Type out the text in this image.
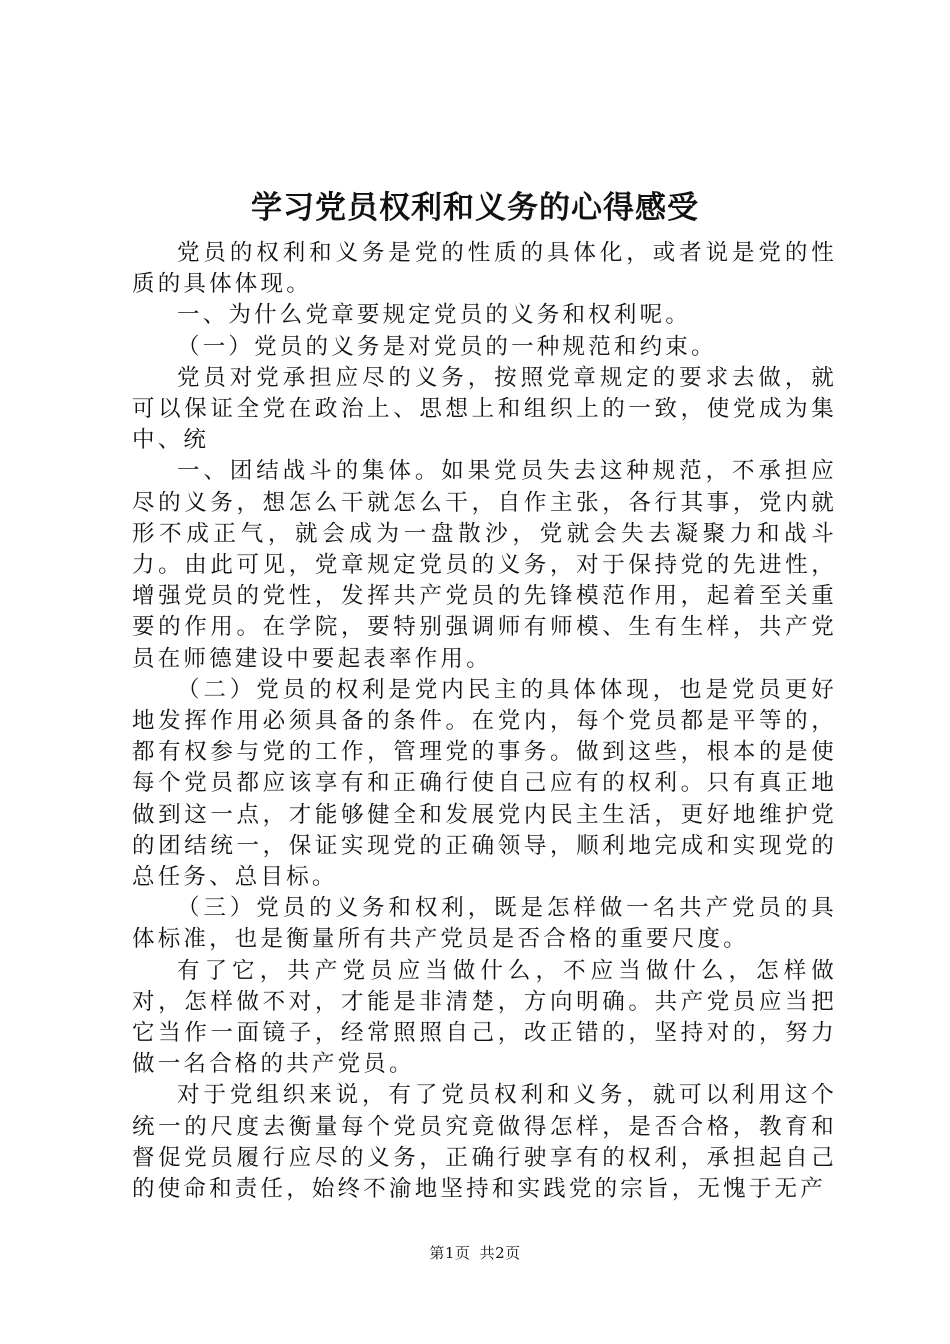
学习党员权利和义务的心得感受

党员的权利和义务是党的性质的具体化，或者说是党的性质的具体体现。

一、为什么党章要规定党员的义务和权利呢。

（一）党员的义务是对党员的一种规范和约束。

党员对党承担应尽的义务，按照党章规定的要求去做，就可以保证全党在政治上、思想上和组织上的一致，使党成为集中、统

一、团结战斗的集体。如果党员失去这种规范，不承担应尽的义务，想怎么干就怎么干，自作主张，各行其事，党内就形不成正气，就会成为一盘散沙，党就会失去凝聚力和战斗力。由此可见，党章规定党员的义务，对于保持党的先进性，增强党员的党性，发挥共产党员的先锋模范作用，起着至关重要的作用。在学院，要特别强调师有师模、生有生样，共产党员在师德建设中要起表率作用。

（二）党员的权利是党内民主的具体体现，也是党员更好地发挥作用必须具备的条件。在党内，每个党员都是平等的，都有权参与党的工作，管理党的事务。做到这些，根本的是使每个党员都应该享有和正确行使自己应有的权利。只有真正地做到这一点，才能够健全和发展党内民主生活，更好地维护党的团结统一，保证实现党的正确领导，顺利地完成和实现党的总任务、总目标。

（三）党员的义务和权利，既是怎样做一名共产党员的具体标准，也是衡量所有共产党员是否合格的重要尺度。

有了它，共产党员应当做什么，不应当做什么，怎样做对，怎样做不对，才能是非清楚，方向明确。共产党员应当把它当作一面镜子，经常照照自己，改正错的，坚持对的，努力做一名合格的共产党员。

对于党组织来说，有了党员权利和义务，就可以利用这个统一的尺度去衡量每个党员究竟做得怎样，是否合格，教育和督促党员履行应尽的义务，正确行驶享有的权利，承担起自己的使命和责任，始终不渝地坚持和实践党的宗旨，无愧于无产

第1页 共2页
